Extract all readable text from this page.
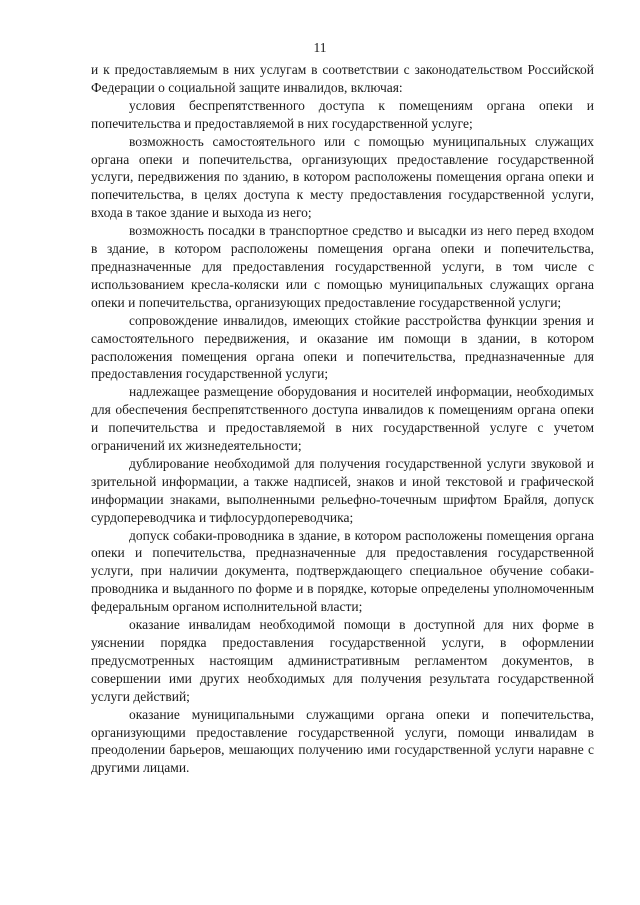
11

и к предоставляемым в них услугам в соответствии с законодательством Российской Федерации о социальной защите инвалидов, включая:

условия беспрепятственного доступа к помещениям органа опеки и попечительства и предоставляемой в них государственной услуге;

возможность самостоятельного или с помощью муниципальных служащих органа опеки и попечительства, организующих предоставление государственной услуги, передвижения по зданию, в котором расположены помещения органа опеки и попечительства, в целях доступа к месту предоставления государственной услуги, входа в такое здание и выхода из него;

возможность посадки в транспортное средство и высадки из него перед входом в здание, в котором расположены помещения органа опеки и попечительства, предназначенные для предоставления государственной услуги, в том числе с использованием кресла-коляски или с помощью муниципальных служащих органа опеки и попечительства, организующих предоставление государственной услуги;

сопровождение инвалидов, имеющих стойкие расстройства функции зрения и самостоятельного передвижения, и оказание им помощи в здании, в котором расположения помещения органа опеки и попечительства, предназначенные для предоставления государственной услуги;

надлежащее размещение оборудования и носителей информации, необходимых для обеспечения беспрепятственного доступа инвалидов к помещениям органа опеки и попечительства и предоставляемой в них государственной услуге с учетом ограничений их жизнедеятельности;

дублирование необходимой для получения государственной услуги звуковой и зрительной информации, а также надписей, знаков и иной текстовой и графической информации знаками, выполненными рельефно-точечным шрифтом Брайля, допуск сурдопереводчика и тифлосурдопереводчика;

допуск собаки-проводника в здание, в котором расположены помещения органа опеки и попечительства, предназначенные для предоставления государственной услуги, при наличии документа, подтверждающего специальное обучение собаки-проводника и выданного по форме и в порядке, которые определены уполномоченным федеральным органом исполнительной власти;

оказание инвалидам необходимой помощи в доступной для них форме в уяснении порядка предоставления государственной услуги, в оформлении предусмотренных настоящим административным регламентом документов, в совершении ими других необходимых для получения результата государственной услуги действий;

оказание муниципальными служащими органа опеки и попечительства, организующими предоставление государственной услуги, помощи инвалидам в преодолении барьеров, мешающих получению ими государственной услуги наравне с другими лицами.
